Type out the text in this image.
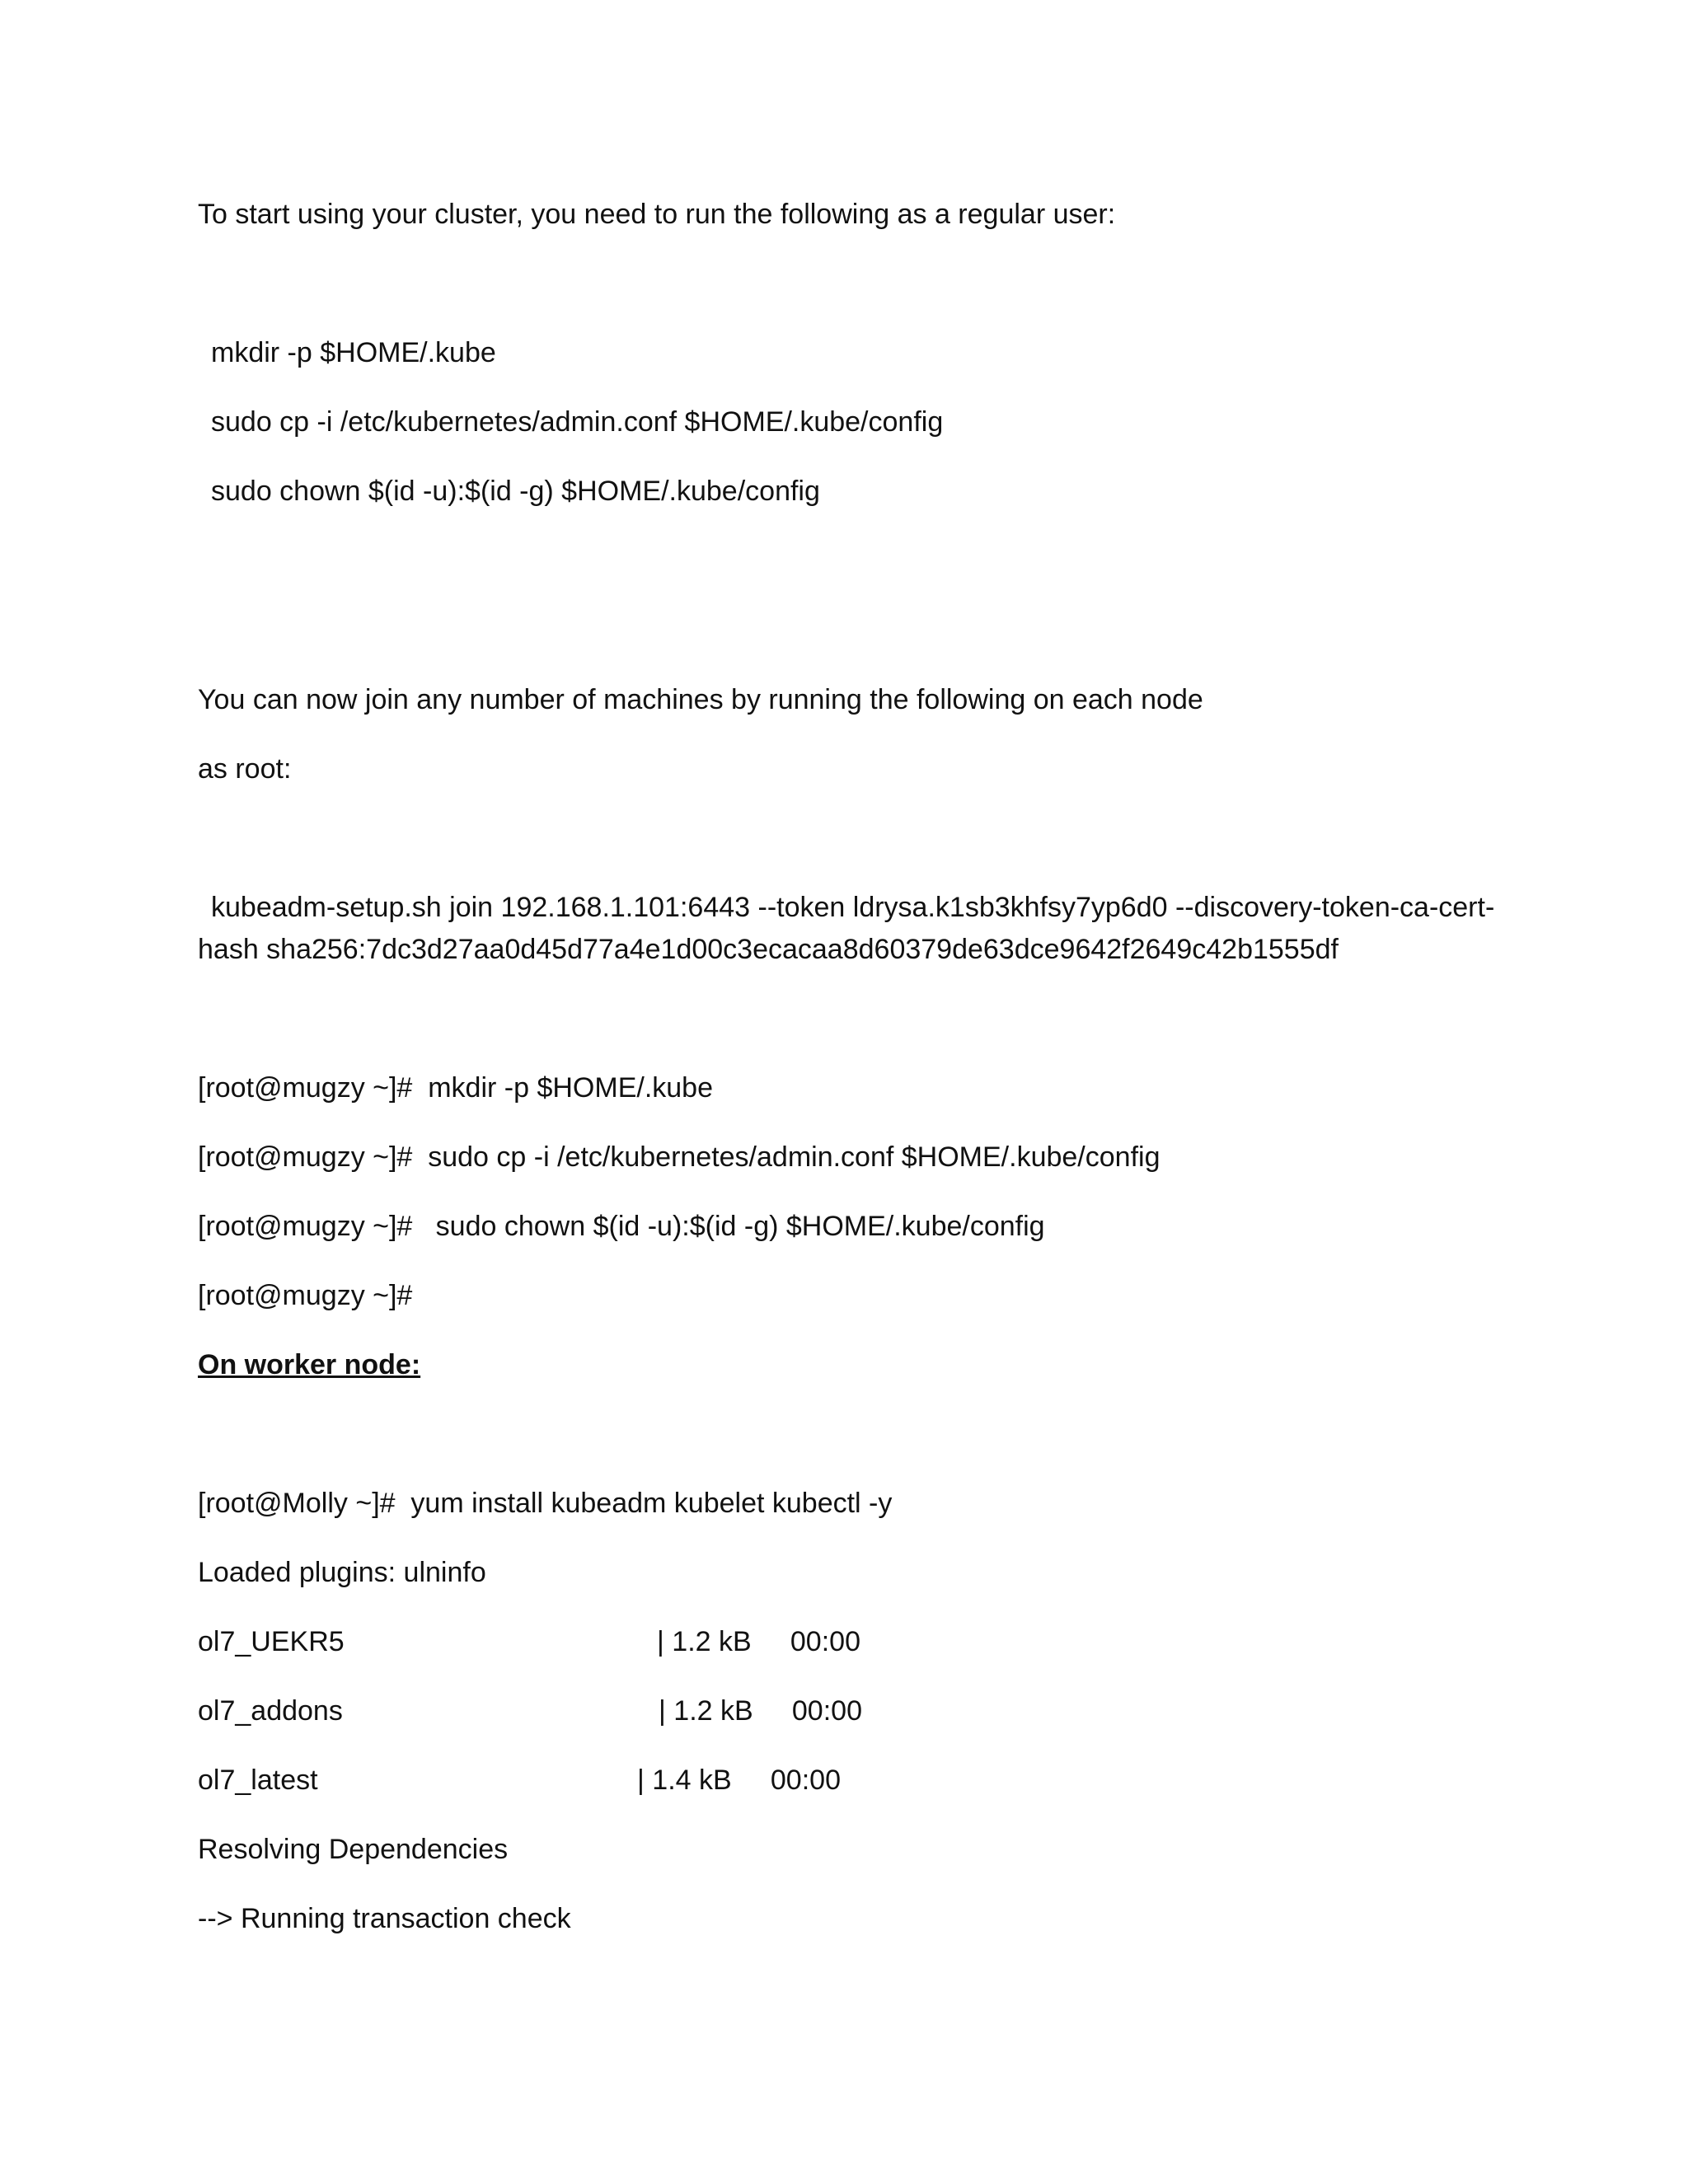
To start using your cluster, you need to run the following as a regular user:

mkdir -p $HOME/.kube

sudo cp -i /etc/kubernetes/admin.conf $HOME/.kube/config

sudo chown $(id -u):$(id -g) $HOME/.kube/config

You can now join any number of machines by running the following on each node

as root:

kubeadm-setup.sh join 192.168.1.101:6443 --token ldrysa.k1sb3khfsy7yp6d0 --discovery-token-ca-cert-

hash sha256:7dc3d27aa0d45d77a4e1d00c3ecacaa8d60379de63dce9642f2649c42b1555df

[root@mugzy ~]#  mkdir -p $HOME/.kube

[root@mugzy ~]#  sudo cp -i /etc/kubernetes/admin.conf $HOME/.kube/config

[root@mugzy ~]#   sudo chown $(id -u):$(id -g) $HOME/.kube/config

[root@mugzy ~]#

On worker node:

[root@Molly ~]#  yum install kubeadm kubelet kubectl -y

Loaded plugins: ulninfo

ol7_UEKR5	| 1.2 kB     00:00
ol7_addons	| 1.2 kB     00:00
ol7_latest	| 1.4 kB     00:00

Resolving Dependencies

--> Running transaction check
